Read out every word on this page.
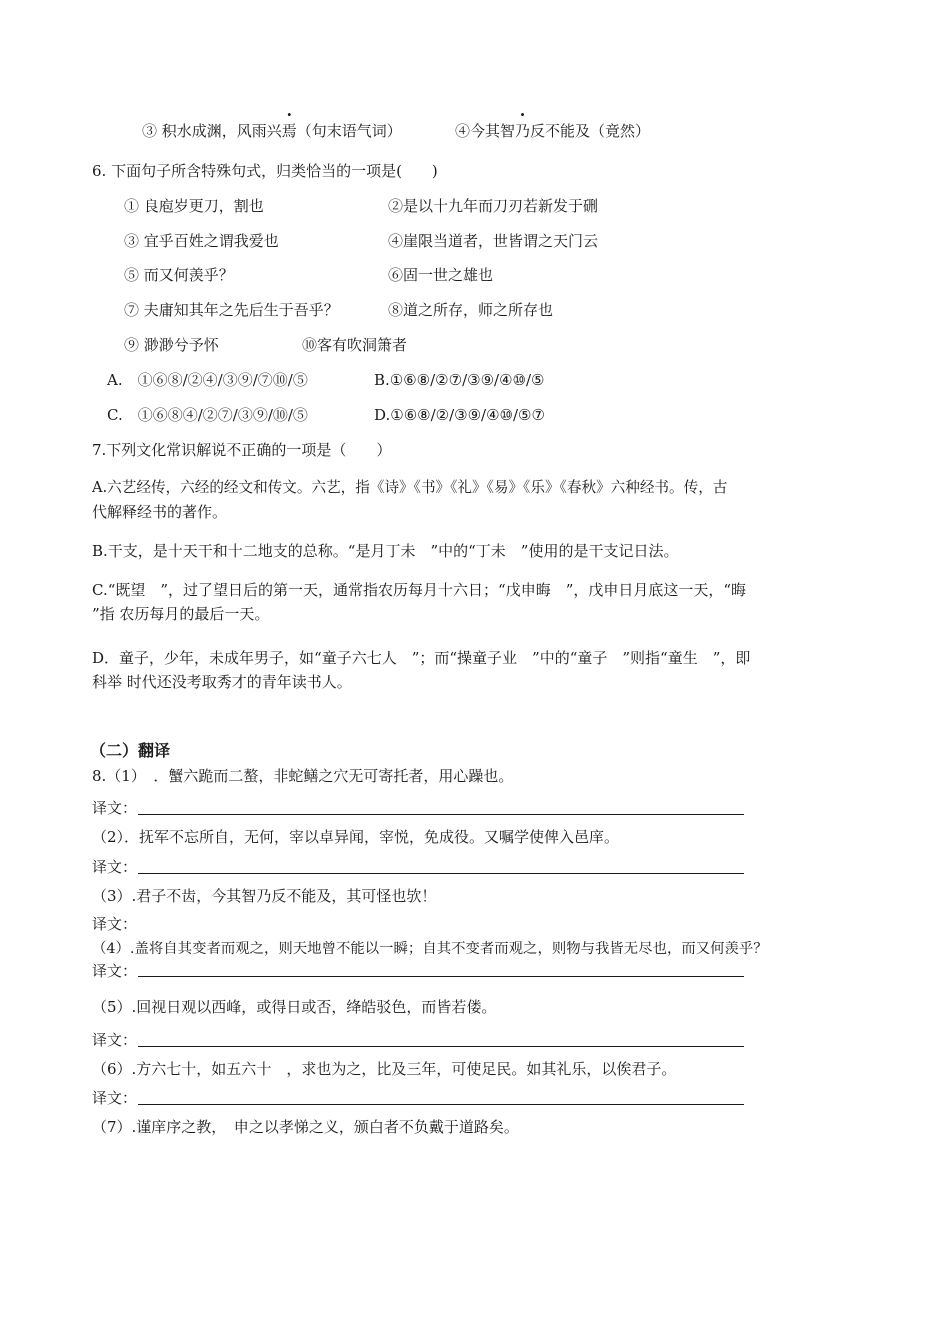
③ 积水成渊，风雨兴焉（句末语气词）	④今其智乃反不能及（竟然）
6. 下面句子所含特殊句式，归类恰当的一项是(　　)
① 良庖岁更刀，割也	②是以十九年而刀刃若新发于硎
③ 宜乎百姓之谓我爱也	④崖限当道者，世皆谓之天门云
⑤ 而又何羡乎？	⑥固一世之雄也
⑦ 夫庸知其年之先后生于吾乎？	⑧道之所存，师之所存也
⑨ 渺渺兮予怀	⑩客有吹洞箫者
A.　①⑥⑧/②④/③⑨/⑦⑩/⑤	B.①⑥⑧/②⑦/③⑨/④⑩/⑤
C.　①⑥⑧④/②⑦/③⑨/⑩/⑤	D.①⑥⑧/②/③⑨/④⑩/⑤⑦
7.下列文化常识解说不正确的一项是（　　）
A.六艺经传，六经的经文和传文。六艺，指《诗》《书》《礼》《易》《乐》《春秋》六种经书。传，古
代解释经书的著作。
B.干支，是十天干和十二地支的总称。“是月丁未　”中的“丁未　”使用的是干支记日法。
C.“既望　”，过了望日后的第一天，通常指农历每月十六日；“戊申晦　”，戊申日月底这一天，“晦
”指 农历每月的最后一天。
D．童子，少年，未成年男子，如“童子六七人　”；而“操童子业　”中的“童子　”则指“童生　”，即
科举 时代还没考取秀才的青年读书人。
（二）翻译
8.（1）　．蟹六跪而二螯，非蛇鳝之穴无可寄托者，用心躁也。
译文：
（2）．抚军不忘所自，无何，宰以卓异闻，宰悦，免成役。又嘱学使俾入邑庠。
译文：
（3）.君子不齿，今其智乃反不能及，其可怪也欤！
译文：
（4）.盖将自其变者而观之，则天地曾不能以一瞬；自其不变者而观之，则物与我皆无尽也，而又何羡乎？
译文：
（5）.回视日观以西峰，或得日或否，绛皓驳色，而皆若偻。
译文：
（6）.方六七十，如五六十　，求也为之，比及三年，可使足民。如其礼乐，以俟君子。
译文：
（7）.谨庠序之教，　申之以孝悌之义，颁白者不负戴于道路矣。
